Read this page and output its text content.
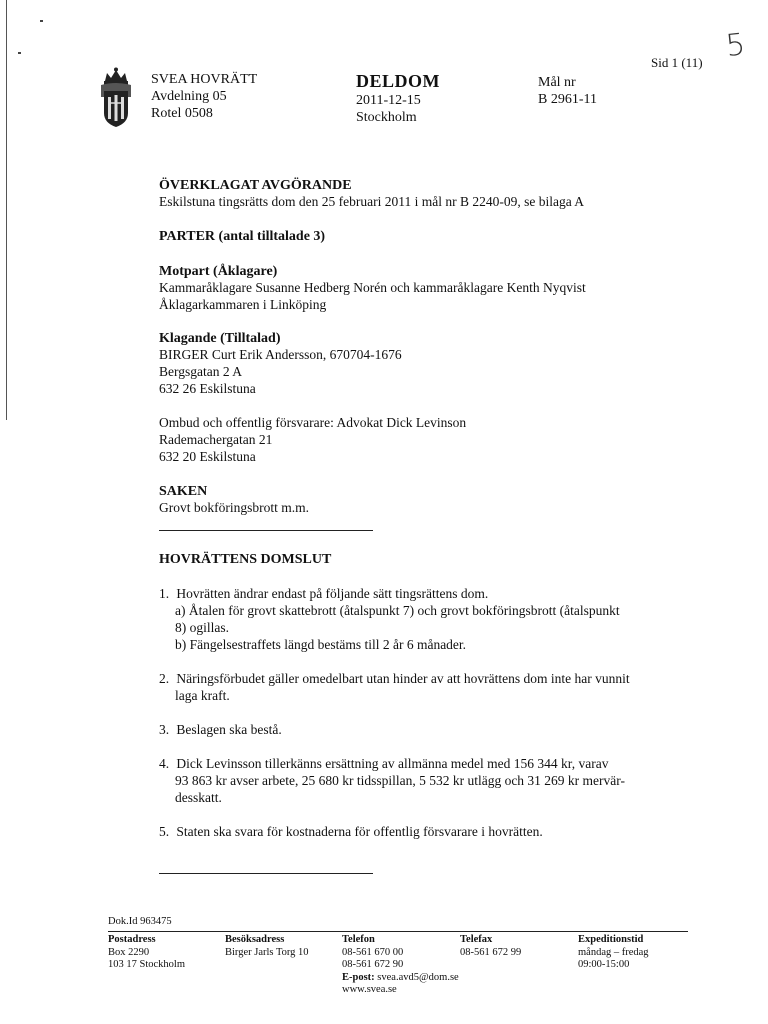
Sid 1 (11) 5
SVEA HOVRÄTT
Avdelning 05
Rotel 0508
DELDOM
2011-12-15
Stockholm
Mål nr
B 2961-11
ÖVERKLAGAT AVGÖRANDE
Eskilstuna tingsrätts dom den 25 februari 2011 i mål nr B 2240-09, se bilaga A
PARTER (antal tilltalade 3)
Motpart (Åklagare)
Kammaråklagare Susanne Hedberg Norén och kammaråklagare Kenth Nyqvist
Åklagarkammaren i Linköping
Klagande (Tilltalad)
BIRGER Curt Erik Andersson, 670704-1676
Bergsgatan 2 A
632 26 Eskilstuna
Ombud och offentlig försvarare: Advokat Dick Levinson
Rademachergatan 21
632 20 Eskilstuna
SAKEN
Grovt bokföringsbrott m.m.
HOVRÄTTENS DOMSLUT
1. Hovrätten ändrar endast på följande sätt tingsrättens dom.
a) Åtalen för grovt skattebrott (åtalspunkt 7) och grovt bokföringsbrott (åtalspunkt
8) ogillas.
b) Fängelsestraffets längd bestäms till 2 år 6 månader.
2. Näringsförbudet gäller omedelbart utan hinder av att hovrättens dom inte har vunnit
laga kraft.
3. Beslagen ska bestå.
4. Dick Levinsson tillerkänns ersättning av allmänna medel med 156 344 kr, varav
93 863 kr avser arbete, 25 680 kr tidsspillan, 5 532 kr utlägg och 31 269 kr mervär-
desskatt.
5. Staten ska svara för kostnaderna för offentlig försvarare i hovrätten.
Dok.Id 963475
Postadress
Box 2290
103 17 Stockholm
Besöksadress
Birger Jarls Torg 10
Telefon
08-561 670 00
08-561 672 90
E-post: svea.avd5@dom.se
www.svea.se
Telefax
08-561 672 99
Expeditionstid
måndag – fredag
09:00-15:00
